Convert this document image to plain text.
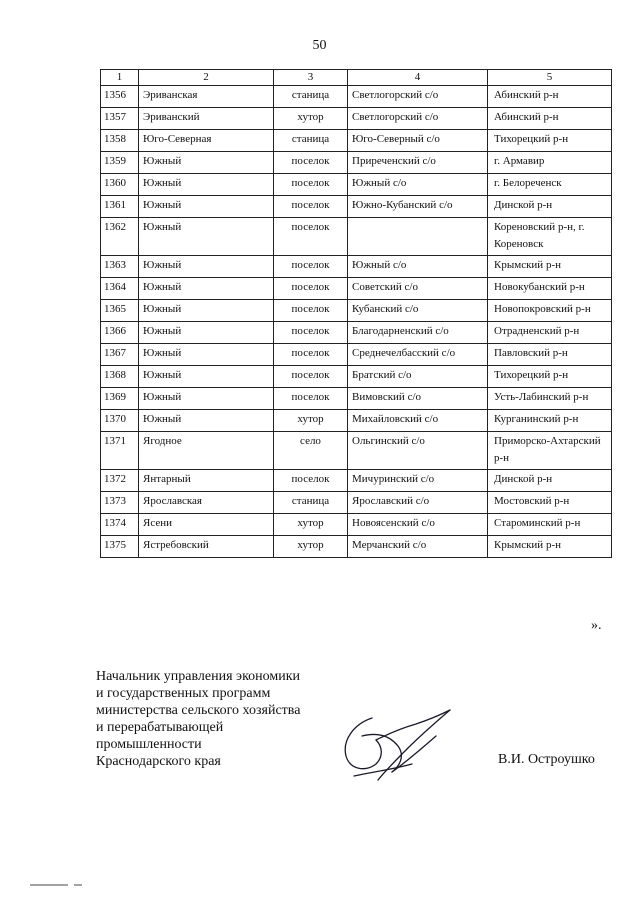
50
1	2	3	4	5
1356	Эриванская	станица	Светлогорский с/о	Абинский р-н
1357	Эриванский	хутор	Светлогорский с/о	Абинский р-н
1358	Юго-Северная	станица	Юго-Северный с/о	Тихорецкий р-н
1359	Южный	поселок	Приреченский с/о	г. Армавир
1360	Южный	поселок	Южный с/о	г. Белореченск
1361	Южный	поселок	Южно-Кубанский с/о	Динской р-н
1362	Южный	поселок		Кореновский р-н, г. Кореновск
1363	Южный	поселок	Южный с/о	Крымский р-н
1364	Южный	поселок	Советский с/о	Новокубанский р-н
1365	Южный	поселок	Кубанский с/о	Новопокровский р-н
1366	Южный	поселок	Благодарненский с/о	Отрадненский р-н
1367	Южный	поселок	Среднечелбасский с/о	Павловский р-н
1368	Южный	поселок	Братский с/о	Тихорецкий р-н
1369	Южный	поселок	Вимовский с/о	Усть-Лабинский р-н
1370	Южный	хутор	Михайловский с/о	Курганинский р-н
1371	Ягодное	село	Ольгинский с/о	Приморско-Ахтарский р-н
1372	Янтарный	поселок	Мичуринский с/о	Динской р-н
1373	Ярославская	станица	Ярославский с/о	Мостовский р-н
1374	Ясени	хутор	Новоясенский с/о	Староминский р-н
1375	Ястребовский	хутор	Мерчанский с/о	Крымский р-н
».
Начальник управления экономики
и государственных программ
министерства сельского хозяйства
и перерабатывающей
промышленности
Краснодарского края	В.И. Остроушко
